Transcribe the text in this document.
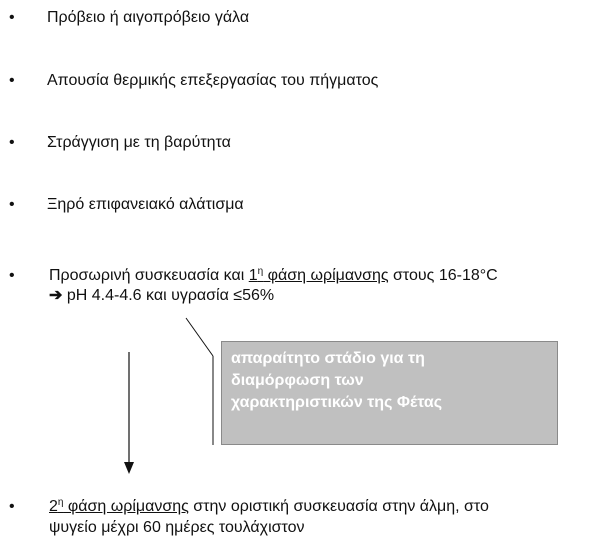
• Πρόβειο ή αιγοπρόβειο γάλα
• Απουσία θερμικής επεξεργασίας του πήγματος
• Στράγγιση με τη βαρύτητα
• Ξηρό επιφανειακό αλάτισμα
• Προσωρινή συσκευασία και $1^\eta$ φάση ωρίμανσης στους 16-18°C
➔ pH 4.4-4.6 και υγρασία ≤56%
απαραίτητο στάδιο για τη
διαμόρφωση των
χαρακτηριστικών της Φέτας
• $2^\eta$ φάση ωρίμανσης στην οριστική συσκευασία στην άλμη, στο
ψυγείο μέχρι 60 ημέρες τουλάχιστον
